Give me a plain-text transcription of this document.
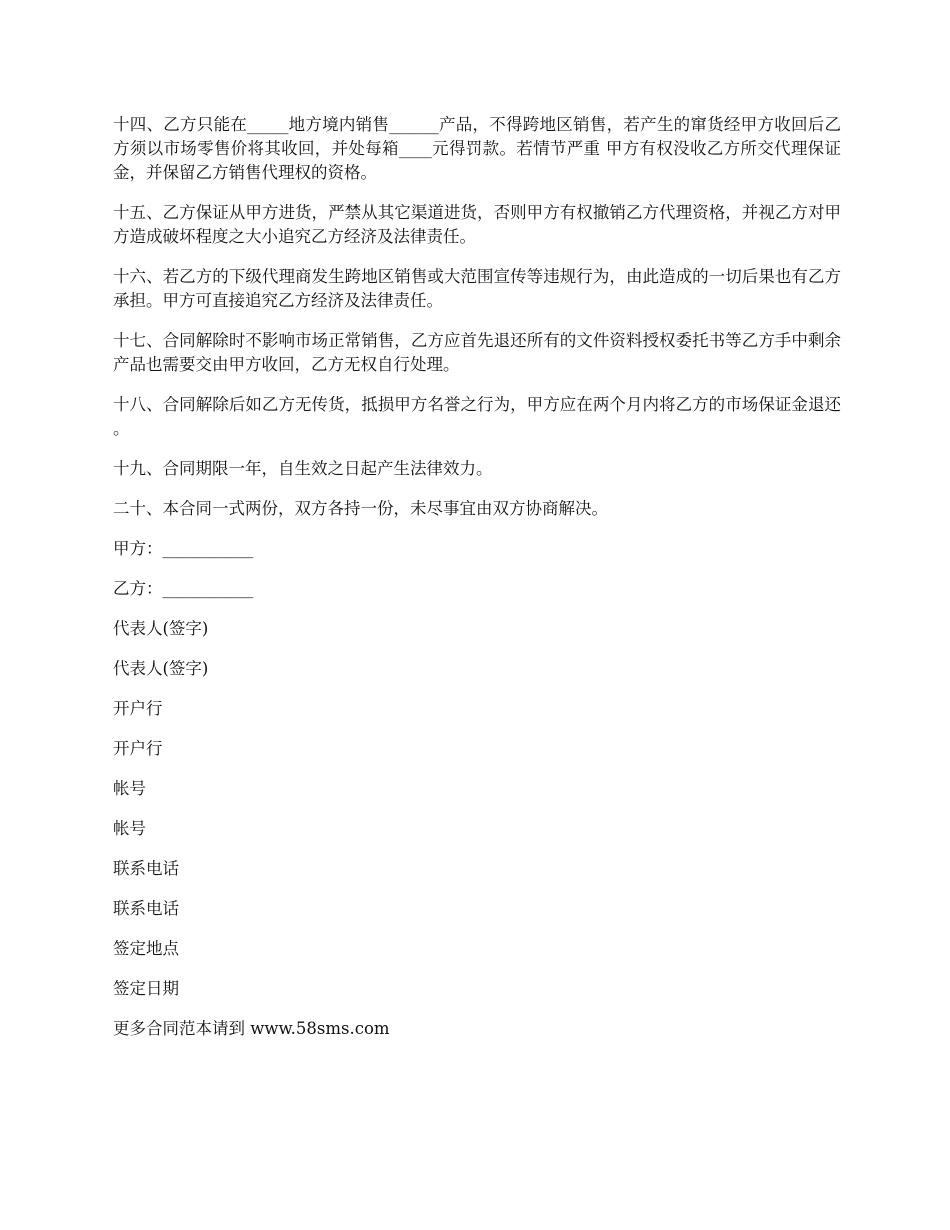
十四、乙方只能在_____地方境内销售______产品，不得跨地区销售，若产生的窜货经甲方收回后乙方须以市场零售价将其收回，并处每箱____元得罚款。若情节严重 甲方有权没收乙方所交代理保证金，并保留乙方销售代理权的资格。

十五、乙方保证从甲方进货，严禁从其它渠道进货，否则甲方有权撤销乙方代理资格，并视乙方对甲方造成破坏程度之大小追究乙方经济及法律责任。

十六、若乙方的下级代理商发生跨地区销售或大范围宣传等违规行为，由此造成的一切后果也有乙方承担。甲方可直接追究乙方经济及法律责任。

十七、合同解除时不影响市场正常销售，乙方应首先退还所有的文件资料授权委托书等乙方手中剩余产品也需要交由甲方收回，乙方无权自行处理。

十八、合同解除后如乙方无传货，抵损甲方名誉之行为，甲方应在两个月内将乙方的市场保证金退还 。

十九、合同期限一年，自生效之日起产生法律效力。

二十、本合同一式两份，双方各持一份，未尽事宜由双方协商解决。

甲方：___________

乙方：___________

代表人(签字)

代表人(签字)

开户行

开户行

帐号

帐号

联系电话

联系电话

签定地点

签定日期

更多合同范本请到 www.58sms.com
